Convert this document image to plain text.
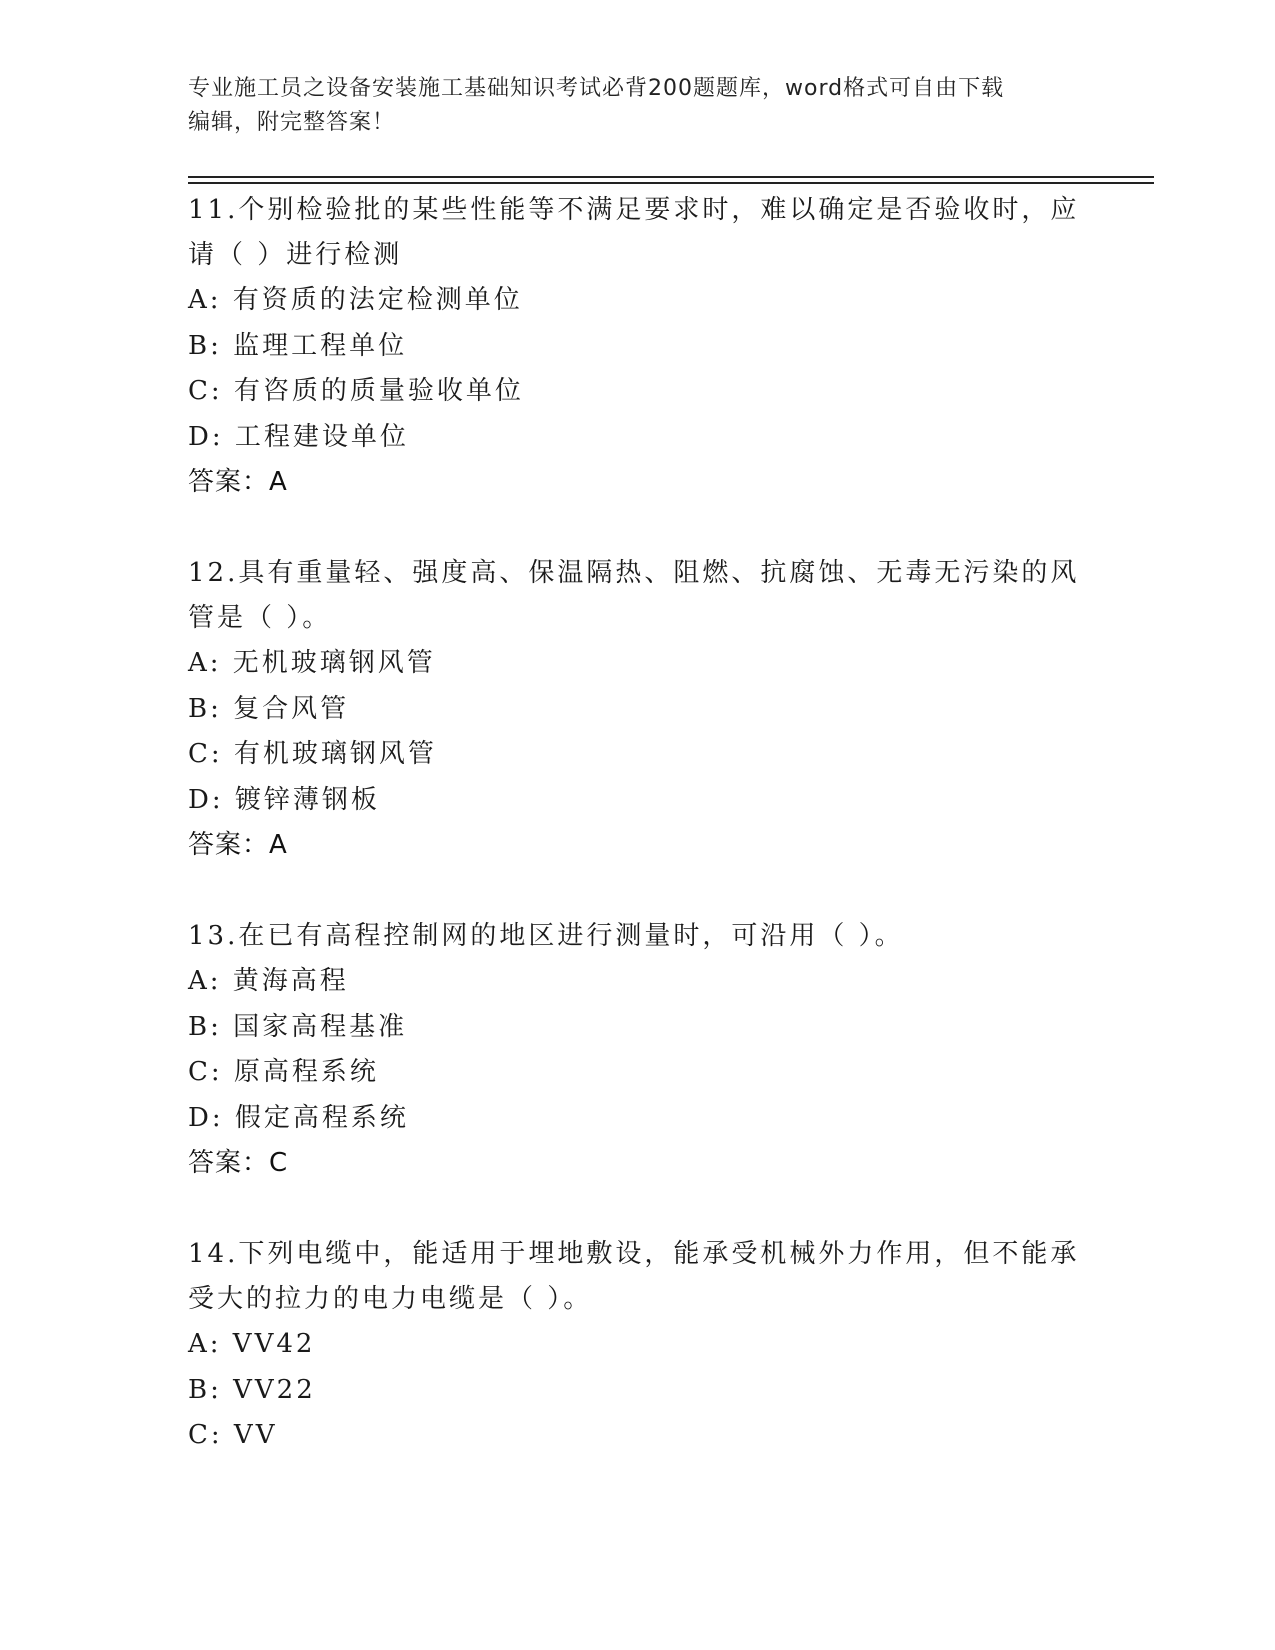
专业施工员之设备安装施工基础知识考试必背200题题库，word格式可自由下载
编辑，附完整答案！
11.个别检验批的某些性能等不满足要求时，难以确定是否验收时，应
请（ ）进行检测
A: 有资质的法定检测单位
B: 监理工程单位
C: 有咨质的质量验收单位
D: 工程建设单位
答案：A
12.具有重量轻、强度高、保温隔热、阻燃、抗腐蚀、无毒无污染的风
管是（ ）。
A: 无机玻璃钢风管
B: 复合风管
C: 有机玻璃钢风管
D: 镀锌薄钢板
答案：A
13.在已有高程控制网的地区进行测量时，可沿用（ ）。
A: 黄海高程
B: 国家高程基准
C: 原高程系统
D: 假定高程系统
答案：C
14.下列电缆中，能适用于埋地敷设，能承受机械外力作用，但不能承
受大的拉力的电力电缆是（ ）。
A: VV42
B: VV22
C: VV
